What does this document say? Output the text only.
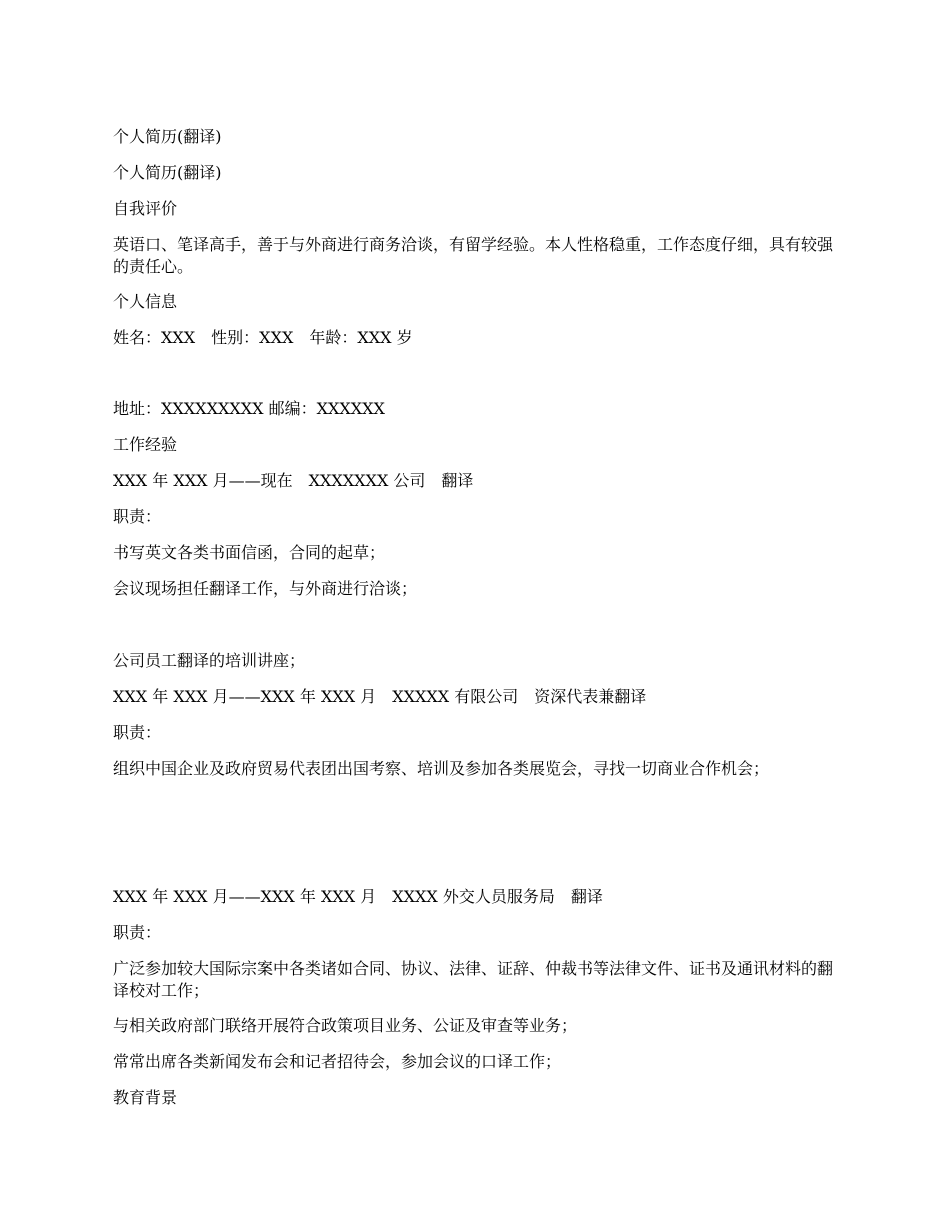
个人简历(翻译)
个人简历(翻译)
自我评价
英语口、笔译高手，善于与外商进行商务洽谈，有留学经验。本人性格稳重，工作态度仔细，具有较强的责任心。
个人信息
姓名：XXX　性别：XXX　年龄：XXX 岁
地址：XXXXXXXXX 邮编：XXXXXX
工作经验
XXX 年 XXX 月——现在　XXXXXXX 公司　翻译
职责：
书写英文各类书面信函，合同的起草；
会议现场担任翻译工作，与外商进行洽谈；
公司员工翻译的培训讲座；
XXX 年 XXX 月——XXX 年 XXX 月　XXXXX 有限公司　资深代表兼翻译
职责：
组织中国企业及政府贸易代表团出国考察、培训及参加各类展览会，寻找一切商业合作机会；
XXX 年 XXX 月——XXX 年 XXX 月　XXXX 外交人员服务局　翻译
职责：
广泛参加较大国际宗案中各类诸如合同、协议、法律、证辞、仲裁书等法律文件、证书及通讯材料的翻译校对工作；
与相关政府部门联络开展符合政策项目业务、公证及审查等业务；
常常出席各类新闻发布会和记者招待会，参加会议的口译工作；
教育背景
